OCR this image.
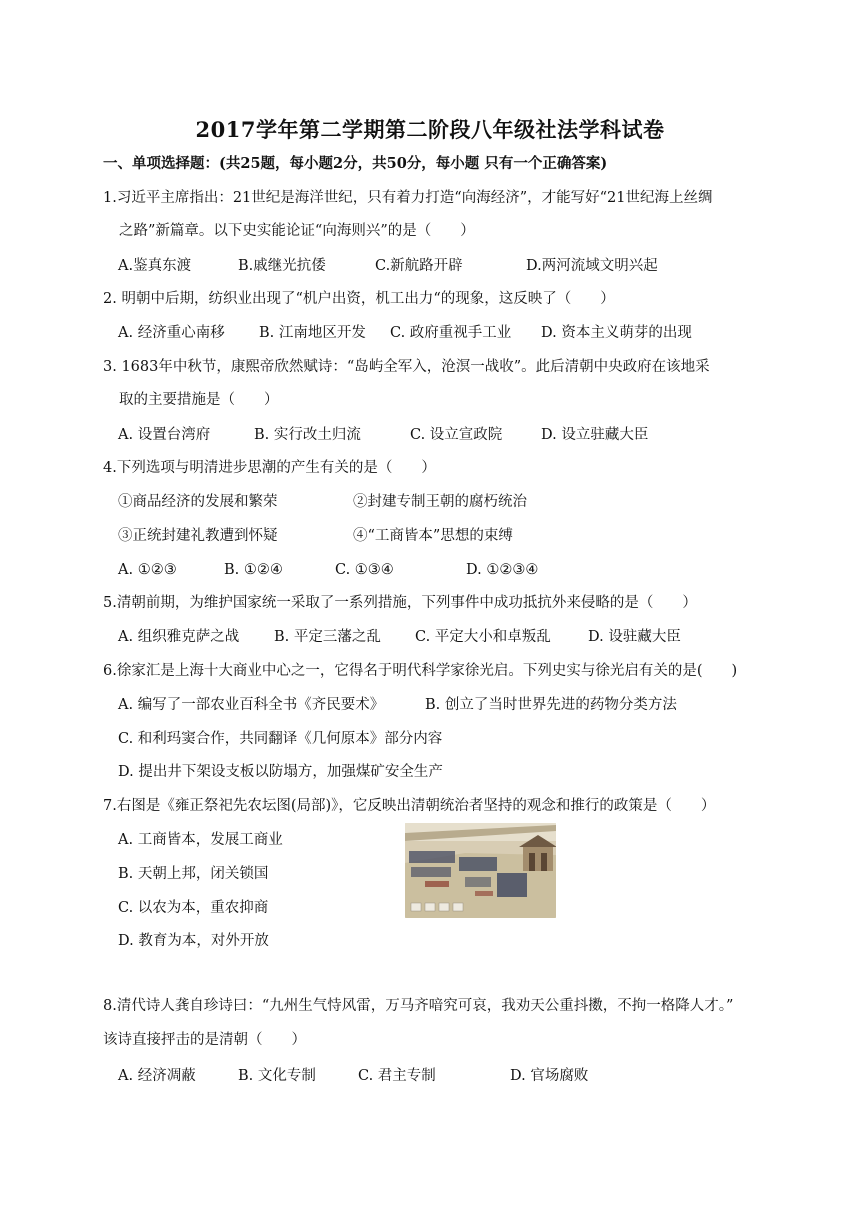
2017学年第二学期第二阶段八年级社法学科试卷
一、单项选择题：(共25题，每小题2分，共50分，每小题 只有一个正确答案)
1.习近平主席指出：21世纪是海洋世纪，只有着力打造“向海经济”，才能写好“21世纪海上丝绸
之路”新篇章。以下史实能论证“向海则兴”的是（　　）
A.鉴真东渡	B.戚继光抗倭	C.新航路开辟	D.两河流域文明兴起
2. 明朝中后期，纺织业出现了“机户出资，机工出力“的现象，这反映了（　　）
A. 经济重心南移 B. 江南地区开发 C. 政府重视手工业 D. 资本主义萌芽的出现
3. 1683年中秋节，康熙帝欣然赋诗：“岛屿全军入，沧溟一战收”。此后清朝中央政府在该地采
取的主要措施是（　　）
A. 设置台湾府	B. 实行改土归流	C. 设立宣政院	D. 设立驻藏大臣
4.下列选项与明清进步思潮的产生有关的是（　　）
①商品经济的发展和繁荣	②封建专制王朝的腐朽统治
③正统封建礼教遭到怀疑	④“工商皆本”思想的束缚
A. ①②③	B. ①②④	C. ①③④	D. ①②③④
5.清朝前期，为维护国家统一采取了一系列措施，下列事件中成功抵抗外来侵略的是（　　）
A. 组织雅克萨之战 B. 平定三藩之乱 C. 平定大小和卓叛乱	D. 设驻藏大臣
6.徐家汇是上海十大商业中心之一，它得名于明代科学家徐光启。下列史实与徐光启有关的是(　　)
A. 编写了一部农业百科全书《齐民要术》	B. 创立了当时世界先进的药物分类方法
C. 和利玛窦合作，共同翻译《几何原本》部分内容
D. 提出井下架设支板以防塌方，加强煤矿安全生产
7.右图是《雍正祭祀先农坛图(局部)》，它反映出清朝统治者坚持的观念和推行的政策是（　　）
A. 工商皆本，发展工商业
B. 天朝上邦，闭关锁国
C. 以农为本，重农抑商
D. 教育为本，对外开放
8.清代诗人龚自珍诗曰：“九州生气恃风雷，万马齐喑究可哀，我劝天公重抖擞，不拘一格降人才。”
该诗直接抨击的是清朝（　　）
A. 经济凋蔽	B. 文化专制	C. 君主专制	D. 官场腐败
